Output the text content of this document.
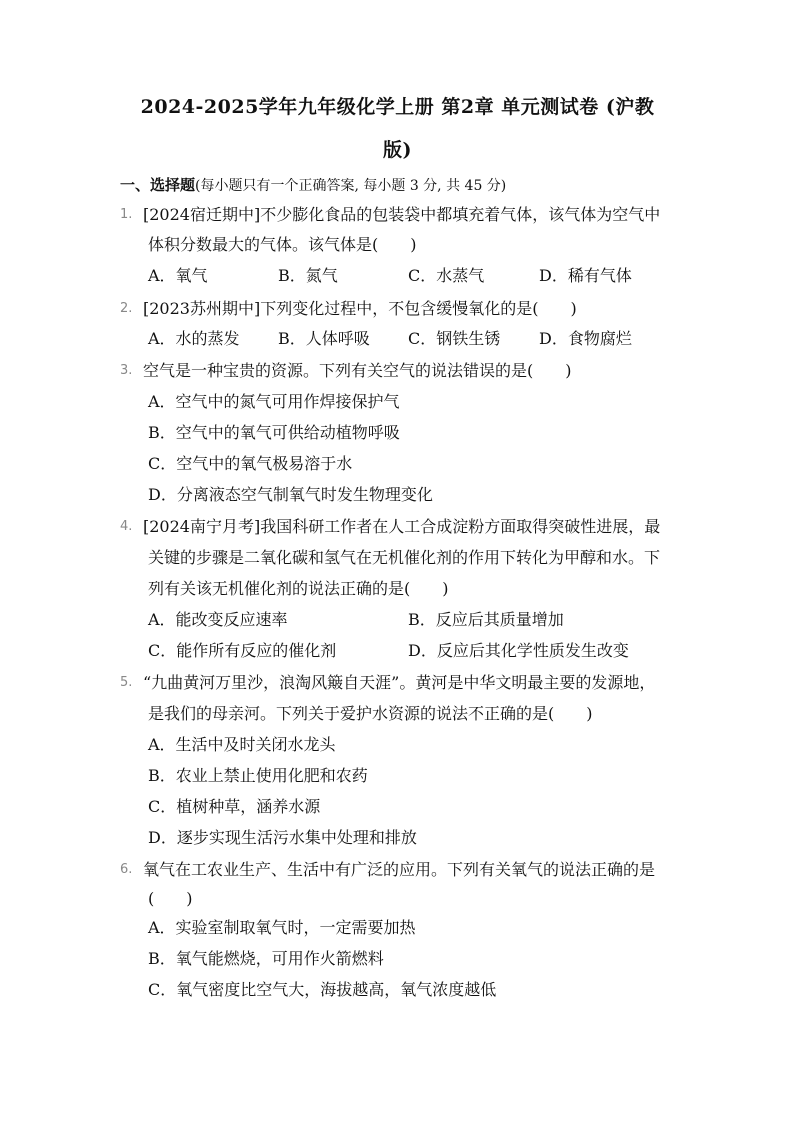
2024-2025学年九年级化学上册 第2章 单元测试卷 (沪教
版)
一、选择题(每小题只有一个正确答案, 每小题 3 分, 共 45 分)
1. [2024宿迁期中]不少膨化食品的包装袋中都填充着气体，该气体为空气中
体积分数最大的气体。该气体是(　　)
A．氧气	B．氮气	C．水蒸气	D．稀有气体
2. [2023苏州期中]下列变化过程中，不包含缓慢氧化的是(　　)
A．水的蒸发 B．人体呼吸 C．钢铁生锈 D．食物腐烂
3. 空气是一种宝贵的资源。下列有关空气的说法错误的是(　　)
A．空气中的氮气可用作焊接保护气
B．空气中的氧气可供给动植物呼吸
C．空气中的氧气极易溶于水
D．分离液态空气制氧气时发生物理变化
4. [2024南宁月考]我国科研工作者在人工合成淀粉方面取得突破性进展，最
关键的步骤是二氧化碳和氢气在无机催化剂的作用下转化为甲醇和水。下
列有关该无机催化剂的说法正确的是(　　)
A．能改变反应速率	B．反应后其质量增加
C．能作所有反应的催化剂	D．反应后其化学性质发生改变
5. “九曲黄河万里沙，浪淘风簸自天涯”。黄河是中华文明最主要的发源地，
是我们的母亲河。下列关于爱护水资源的说法不正确的是(　　)
A．生活中及时关闭水龙头
B．农业上禁止使用化肥和农药
C．植树种草，涵养水源
D．逐步实现生活污水集中处理和排放
6. 氧气在工农业生产、生活中有广泛的应用。下列有关氧气的说法正确的是
(　　)
A．实验室制取氧气时，一定需要加热
B．氧气能燃烧，可用作火箭燃料
C．氧气密度比空气大，海拔越高，氧气浓度越低
